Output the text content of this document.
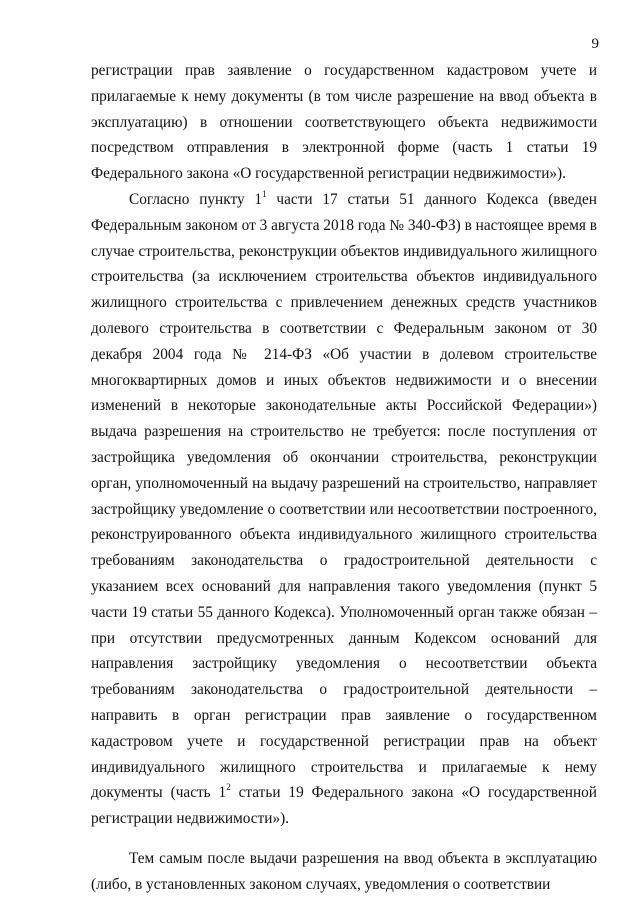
9

регистрации прав заявление о государственном кадастровом учете и прилагаемые к нему документы (в том числе разрешение на ввод объекта в эксплуатацию) в отношении соответствующего объекта недвижимости посредством отправления в электронной форме (часть 1 статьи 19 Федерального закона «О государственной регистрации недвижимости»).

Согласно пункту $1^1$ части 17 статьи 51 данного Кодекса (введен Федеральным законом от 3 августа 2018 года № 340-ФЗ) в настоящее время в случае строительства, реконструкции объектов индивидуального жилищного строительства (за исключением строительства объектов индивидуального жилищного строительства с привлечением денежных средств участников долевого строительства в соответствии с Федеральным законом от 30 декабря 2004 года № 214-ФЗ «Об участии в долевом строительстве многоквартирных домов и иных объектов недвижимости и о внесении изменений в некоторые законодательные акты Российской Федерации») выдача разрешения на строительство не требуется: после поступления от застройщика уведомления об окончании строительства, реконструкции орган, уполномоченный на выдачу разрешений на строительство, направляет застройщику уведомление о соответствии или несоответствии построенного, реконструированного объекта индивидуального жилищного строительства требованиям законодательства о градостроительной деятельности с указанием всех оснований для направления такого уведомления (пункт 5 части 19 статьи 55 данного Кодекса). Уполномоченный орган также обязан – при отсутствии предусмотренных данным Кодексом оснований для направления застройщику уведомления о несоответствии объекта требованиям законодательства о градостроительной деятельности – направить в орган регистрации прав заявление о государственном кадастровом учете и государственной регистрации прав на объект индивидуального жилищного строительства и прилагаемые к нему документы (часть $1^2$ статьи 19 Федерального закона «О государственной регистрации недвижимости»).

Тем самым после выдачи разрешения на ввод объекта в эксплуатацию (либо, в установленных законом случаях, уведомления о соответствии
